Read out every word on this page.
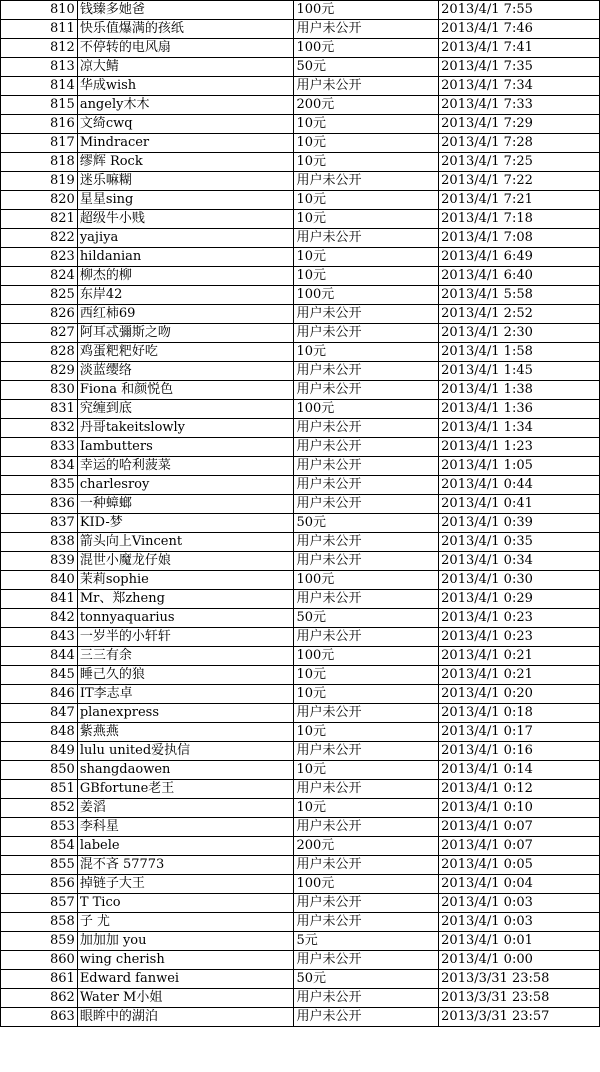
810	钱臻多她爸	100元	2013/4/1 7:55
811	快乐值爆满的孩纸	用户未公开	2013/4/1 7:46
812	不停转的电风扇	100元	2013/4/1 7:41
813	凉大鲭	50元	2013/4/1 7:35
814	华成wish	用户未公开	2013/4/1 7:34
815	angely木木	200元	2013/4/1 7:33
816	文绮cwq	10元	2013/4/1 7:29
817	Mindracer	10元	2013/4/1 7:28
818	缪辉 Rock	10元	2013/4/1 7:25
819	迷乐嘛糊	用户未公开	2013/4/1 7:22
820	星星sing	10元	2013/4/1 7:21
821	超级牛小贱	10元	2013/4/1 7:18
822	yajiya	用户未公开	2013/4/1 7:08
823	hildanian	10元	2013/4/1 6:49
824	柳杰的柳	10元	2013/4/1 6:40
825	东岸42	100元	2013/4/1 5:58
826	西红柿69	用户未公开	2013/4/1 2:52
827	阿耳忒彌斯之吻	用户未公开	2013/4/1 2:30
828	鸡蛋粑粑好吃	10元	2013/4/1 1:58
829	淡蓝缨络	用户未公开	2013/4/1 1:45
830	Fiona 和颜悦色	用户未公开	2013/4/1 1:38
831	究缠到底	100元	2013/4/1 1:36
832	丹哥takeitslowly	用户未公开	2013/4/1 1:34
833	Iambutters	用户未公开	2013/4/1 1:23
834	幸运的哈利菠菜	用户未公开	2013/4/1 1:05
835	charlesroy	用户未公开	2013/4/1 0:44
836	一种蟑螂	用户未公开	2013/4/1 0:41
837	KID-梦	50元	2013/4/1 0:39
838	箭头向上Vincent	用户未公开	2013/4/1 0:35
839	混世小魔龙仔娘	用户未公开	2013/4/1 0:34
840	茉莉sophie	100元	2013/4/1 0:30
841	Mr、郑zheng	用户未公开	2013/4/1 0:29
842	tonnyaquarius	50元	2013/4/1 0:23
843	一岁半的小轩轩	用户未公开	2013/4/1 0:23
844	三三有余	100元	2013/4/1 0:21
845	睡己久的狼	10元	2013/4/1 0:21
846	IT李志卓	10元	2013/4/1 0:20
847	planexpress	用户未公开	2013/4/1 0:18
848	紫燕燕	10元	2013/4/1 0:17
849	lulu united爱执信	用户未公开	2013/4/1 0:16
850	shangdaowen	10元	2013/4/1 0:14
851	GBfortune老王	用户未公开	2013/4/1 0:12
852	姜滔	10元	2013/4/1 0:10
853	李科星	用户未公开	2013/4/1 0:07
854	labele	200元	2013/4/1 0:07
855	混不吝 57773	用户未公开	2013/4/1 0:05
856	掉链子大王	100元	2013/4/1 0:04
857	T Tico	用户未公开	2013/4/1 0:03
858	子 尤	用户未公开	2013/4/1 0:03
859	加加加 you	5元	2013/4/1 0:01
860	wing cherish	用户未公开	2013/4/1 0:00
861	Edward fanwei	50元	2013/3/31 23:58
862	Water M小姐	用户未公开	2013/3/31 23:58
863	眼眸中的湖泊	用户未公开	2013/3/31 23:57
